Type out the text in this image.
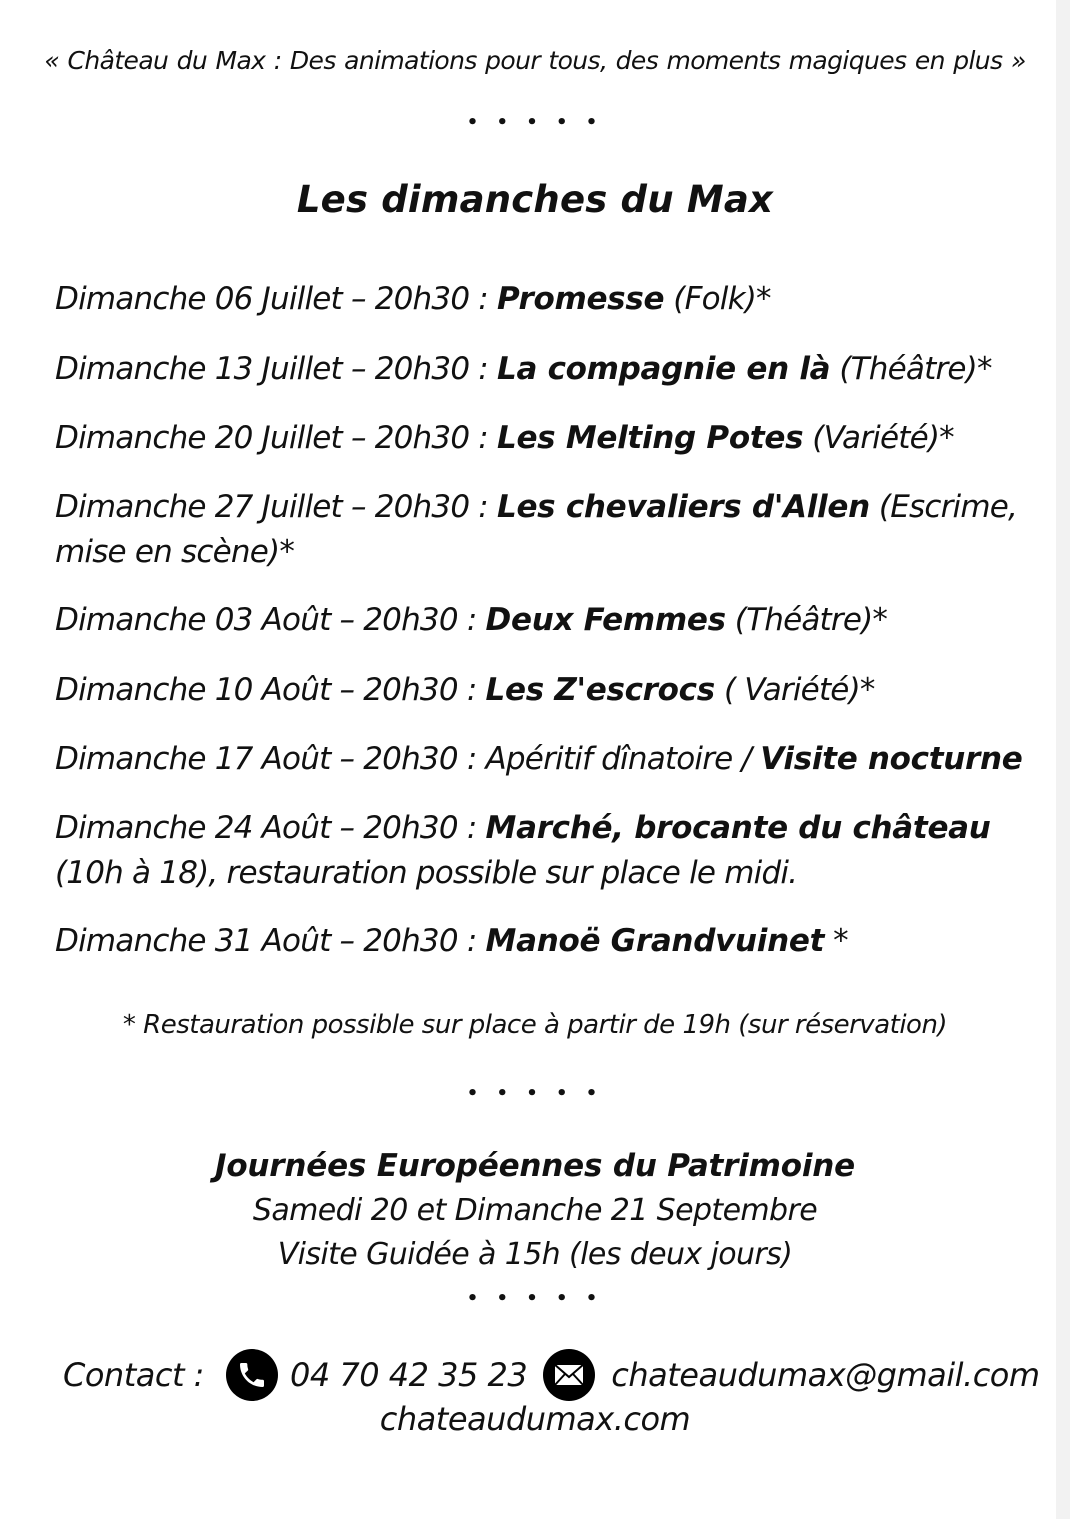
« Château du Max : Des animations pour tous, des moments magiques en plus »
• • • • •
Les dimanches du Max
Dimanche 06 Juillet – 20h30 : Promesse (Folk)*
Dimanche 13 Juillet – 20h30 : La compagnie en là (Théâtre)*
Dimanche 20 Juillet – 20h30 : Les Melting Potes (Variété)*
Dimanche 27 Juillet – 20h30 : Les chevaliers d'Allen (Escrime, mise en scène)*
Dimanche 03 Août – 20h30 : Deux Femmes (Théâtre)*
Dimanche 10 Août – 20h30 : Les Z'escrocs ( Variété)*
Dimanche 17 Août – 20h30 : Apéritif dînatoire / Visite nocturne
Dimanche 24 Août – 20h30 : Marché, brocante du château (10h à 18), restauration possible sur place le midi.
Dimanche 31 Août – 20h30 : Manoë Grandvuinet *
* Restauration possible sur place à partir de 19h (sur réservation)
• • • • •
Journées Européennes du Patrimoine
Samedi 20 et Dimanche 21 Septembre
Visite Guidée à 15h (les deux jours)
• • • • •
Contact :	04 70 42 35 23	chateaudumax@gmail.com
chateaudumax.com
